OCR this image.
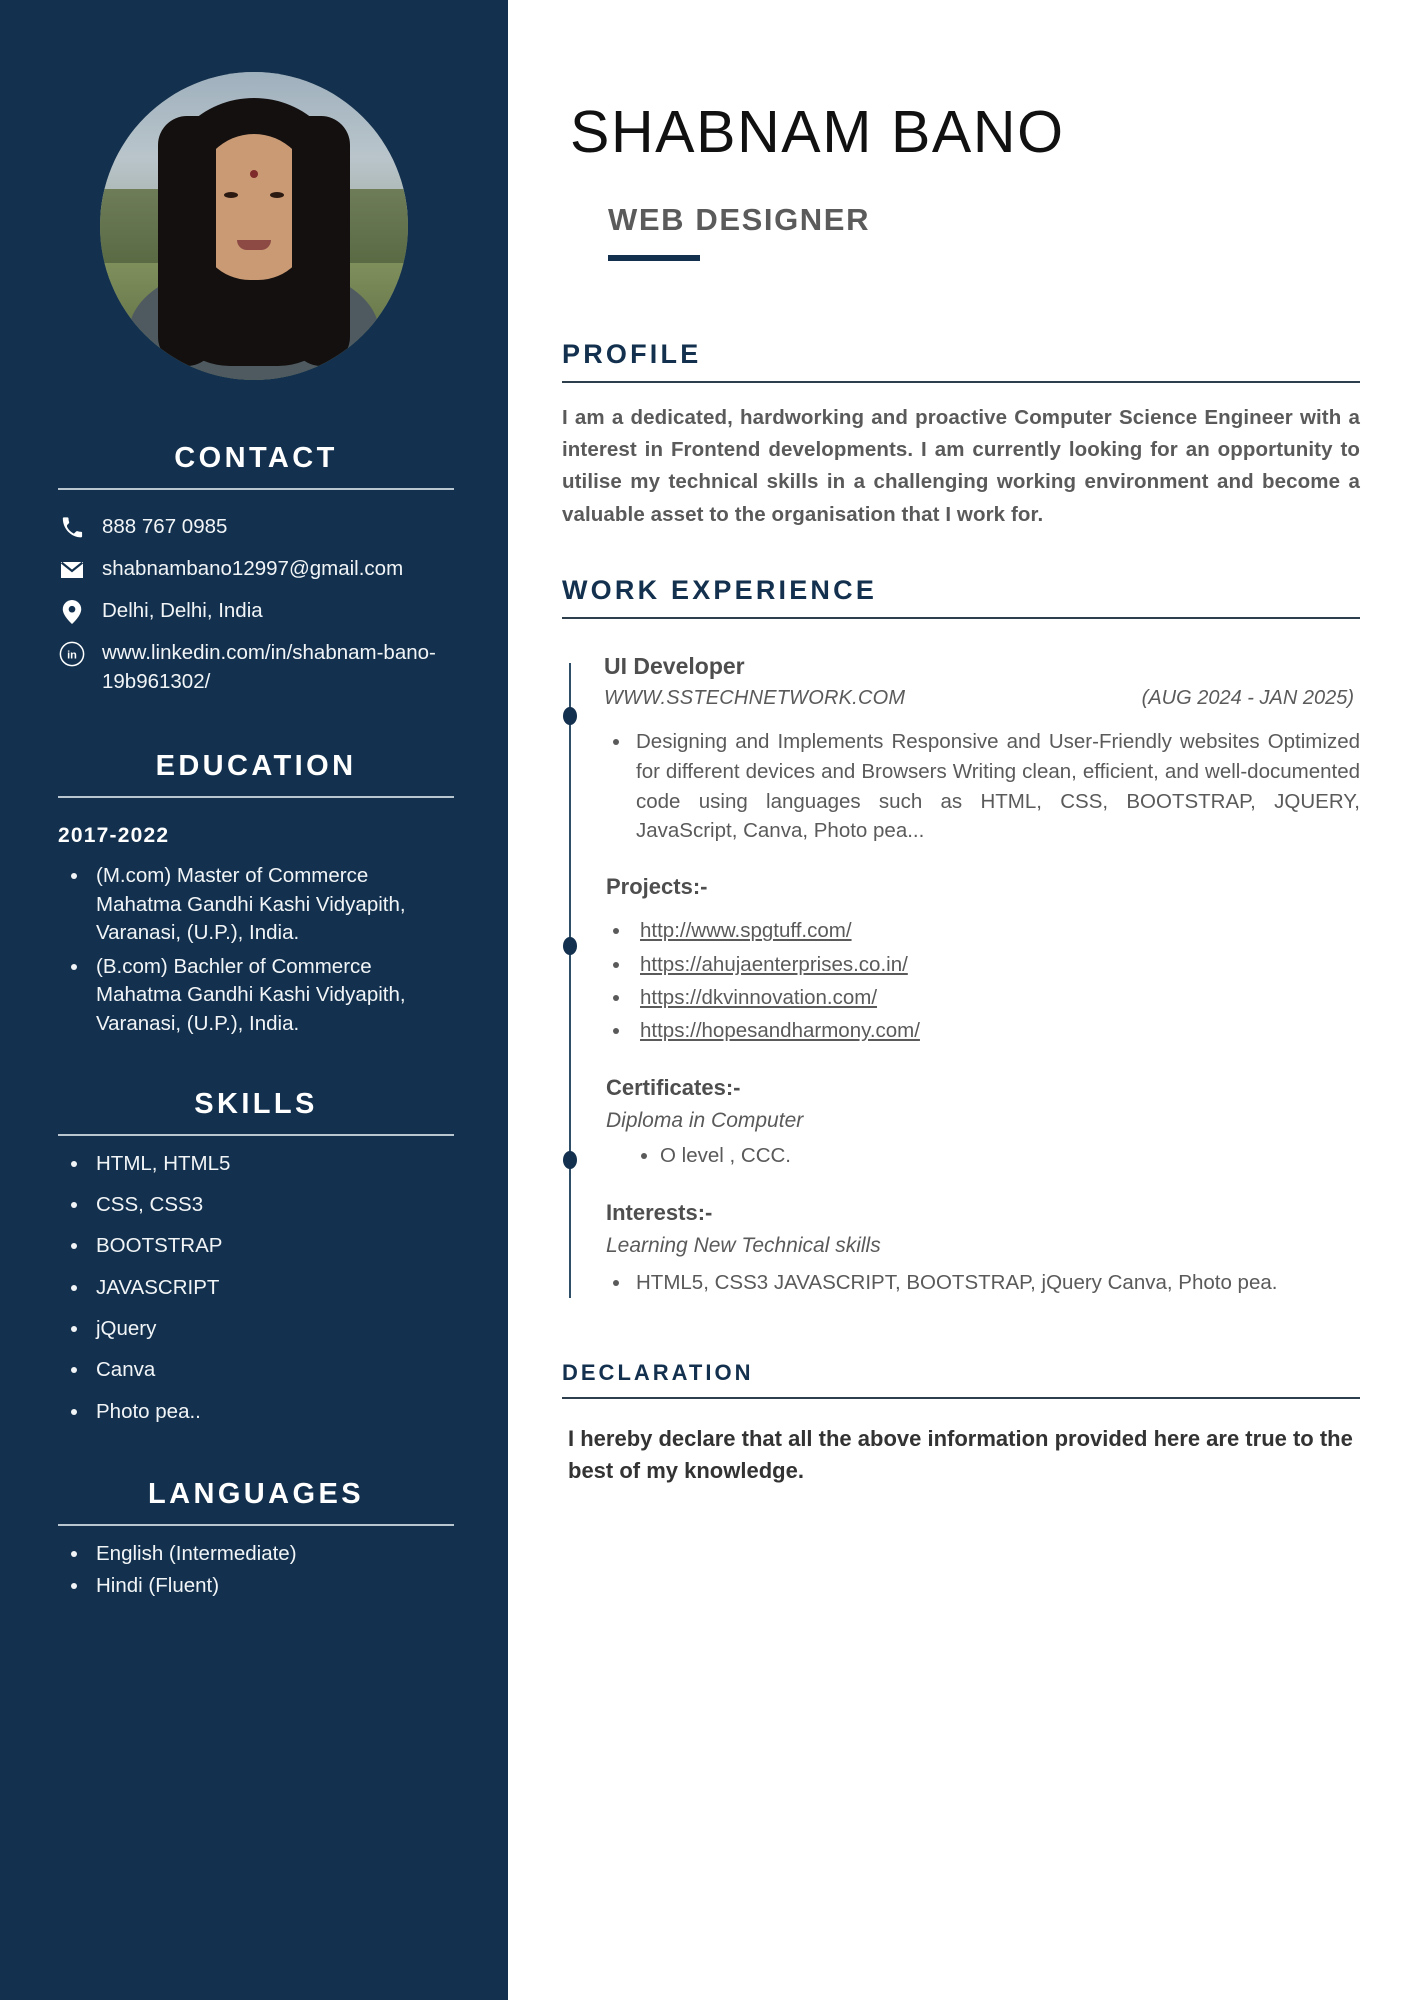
CONTACT
888 767 0985
shabnambano12997@gmail.com
Delhi, Delhi, India
in www.linkedin.com/in/shabnam-bano-19b961302/
EDUCATION
2017-2022
• (M.com) Master of Commerce Mahatma Gandhi Kashi Vidyapith, Varanasi, (U.P.), India.
• (B.com) Bachler of Commerce Mahatma Gandhi Kashi Vidyapith, Varanasi, (U.P.), India.
SKILLS
• HTML, HTML5
• CSS, CSS3
• BOOTSTRAP
• JAVASCRIPT
• jQuery
• Canva
• Photo pea..
LANGUAGES
• English (Intermediate)
• Hindi (Fluent)
SHABNAM BANO
WEB DESIGNER
PROFILE

I am a dedicated, hardworking and proactive Computer Science Engineer with a interest in Frontend developments. I am currently looking for an opportunity to utilise my technical skills in a challenging working environment and become a valuable asset to the organisation that I work for.

WORK EXPERIENCE
UI Developer
WWW.SSTECHNETWORK.COM	(AUG 2024 - JAN 2025)
• Designing and Implements Responsive and User-Friendly websites Optimized for different devices and Browsers Writing clean, efficient, and well-documented code using languages such as HTML, CSS, BOOTSTRAP, JQUERY, JavaScript, Canva, Photo pea...
Projects:-
• http://www.spgtuff.com/
• https://ahujaenterprises.co.in/
• https://dkvinnovation.com/
• https://hopesandharmony.com/
Certificates:-
Diploma in Computer
• O level , CCC.
Interests:-
Learning New Technical skills
• HTML5, CSS3 JAVASCRIPT, BOOTSTRAP, jQuery Canva, Photo pea.
DECLARATION

I hereby declare that all the above information provided here are true to the best of my knowledge.
